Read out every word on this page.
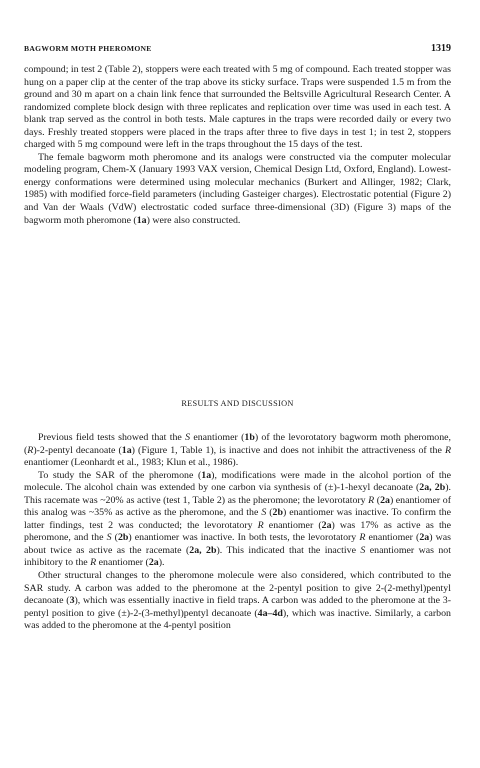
BAGWORM MOTH PHEROMONE	1319

compound; in test 2 (Table 2), stoppers were each treated with 5 mg of compound. Each treated stopper was hung on a paper clip at the center of the trap above its sticky surface. Traps were suspended 1.5 m from the ground and 30 m apart on a chain link fence that surrounded the Beltsville Agricultural Research Center. A randomized complete block design with three replicates and replication over time was used in each test. A blank trap served as the control in both tests. Male captures in the traps were recorded daily or every two days. Freshly treated stoppers were placed in the traps after three to five days in test 1; in test 2, stoppers charged with 5 mg compound were left in the traps throughout the 15 days of the test.

The female bagworm moth pheromone and its analogs were constructed via the computer molecular modeling program, Chem-X (January 1993 VAX version, Chemical Design Ltd, Oxford, England). Lowest-energy conformations were determined using molecular mechanics (Burkert and Allinger, 1982; Clark, 1985) with modified force-field parameters (including Gasteiger charges). Electrostatic potential (Figure 2) and Van der Waals (VdW) electrostatic coded surface three-dimensional (3D) (Figure 3) maps of the bagworm moth pheromone (1a) were also constructed.

RESULTS AND DISCUSSION

Previous field tests showed that the S enantiomer (1b) of the levorotatory bagworm moth pheromone, (R)-2-pentyl decanoate (1a) (Figure 1, Table 1), is inactive and does not inhibit the attractiveness of the R enantiomer (Leonhardt et al., 1983; Klun et al., 1986).

To study the SAR of the pheromone (1a), modifications were made in the alcohol portion of the molecule. The alcohol chain was extended by one carbon via synthesis of (±)-1-hexyl decanoate (2a, 2b). This racemate was ~20% as active (test 1, Table 2) as the pheromone; the levorotatory R (2a) enantiomer of this analog was ~35% as active as the pheromone, and the S (2b) enantiomer was inactive. To confirm the latter findings, test 2 was conducted; the levorotatory R enantiomer (2a) was 17% as active as the pheromone, and the S (2b) enantiomer was inactive. In both tests, the levorotatory R enantiomer (2a) was about twice as active as the racemate (2a, 2b). This indicated that the inactive S enantiomer was not inhibitory to the R enantiomer (2a).

Other structural changes to the pheromone molecule were also considered, which contributed to the SAR study. A carbon was added to the pheromone at the 2-pentyl position to give 2-(2-methyl)pentyl decanoate (3), which was essentially inactive in field traps. A carbon was added to the pheromone at the 3-pentyl position to give (±)-2-(3-methyl)pentyl decanoate (4a–4d), which was inactive. Similarly, a carbon was added to the pheromone at the 4-pentyl position
